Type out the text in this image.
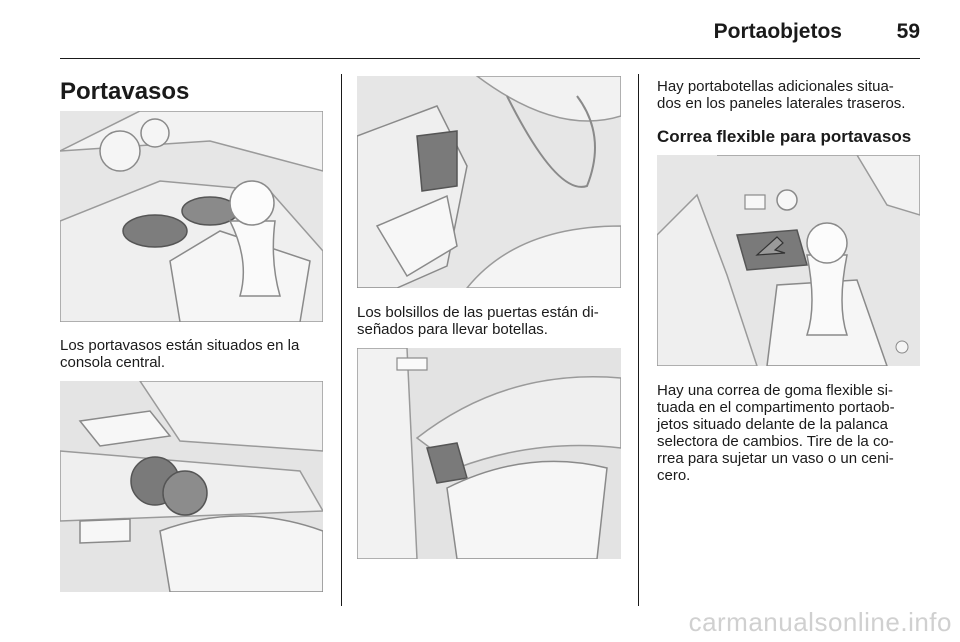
Portaobjetos	59
Portavasos

Los portavasos están situados en la
consola central.

Los bolsillos de las puertas están di-
señados para llevar botellas.

Hay portabotellas adicionales situa-
dos en los paneles laterales traseros.

Correa flexible para portavasos

Hay una correa de goma flexible si-
tuada en el compartimento portaob-
jetos situado delante de la palanca
selectora de cambios. Tire de la co-
rrea para sujetar un vaso o un ceni-
cero.

carmanualsonline.info
